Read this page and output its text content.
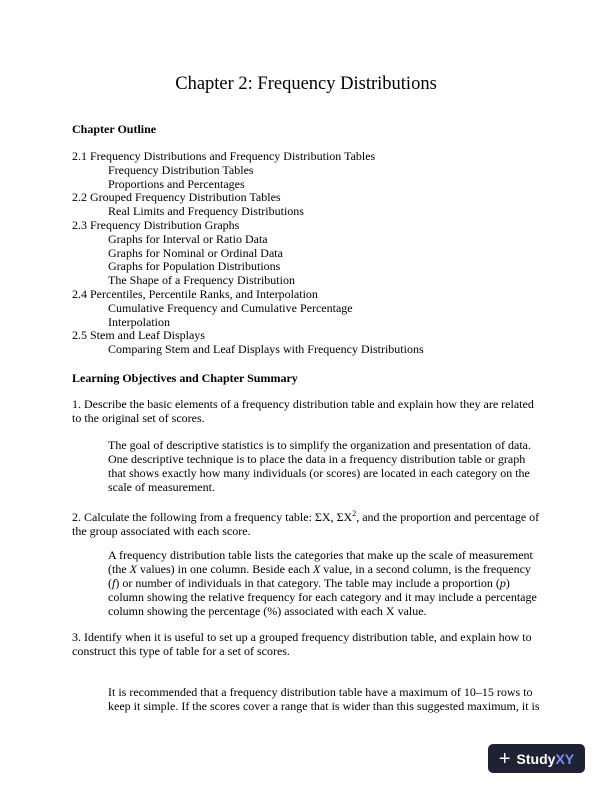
Chapter 2: Frequency Distributions
Chapter Outline
2.1 Frequency Distributions and Frequency Distribution Tables
Frequency Distribution Tables
Proportions and Percentages
2.2 Grouped Frequency Distribution Tables
Real Limits and Frequency Distributions
2.3 Frequency Distribution Graphs
Graphs for Interval or Ratio Data
Graphs for Nominal or Ordinal Data
Graphs for Population Distributions
The Shape of a Frequency Distribution
2.4 Percentiles, Percentile Ranks, and Interpolation
Cumulative Frequency and Cumulative Percentage
Interpolation
2.5 Stem and Leaf Displays
Comparing Stem and Leaf Displays with Frequency Distributions
Learning Objectives and Chapter Summary
1. Describe the basic elements of a frequency distribution table and explain how they are related to the original set of scores.
The goal of descriptive statistics is to simplify the organization and presentation of data. One descriptive technique is to place the data in a frequency distribution table or graph that shows exactly how many individuals (or scores) are located in each category on the scale of measurement.
2. Calculate the following from a frequency table: ΣX, $\Sigma X^2$, and the proportion and percentage of the group associated with each score.
A frequency distribution table lists the categories that make up the scale of measurement (the X values) in one column. Beside each X value, in a second column, is the frequency (f) or number of individuals in that category. The table may include a proportion (p) column showing the relative frequency for each category and it may include a percentage column showing the percentage (%) associated with each X value.
3. Identify when it is useful to set up a grouped frequency distribution table, and explain how to construct this type of table for a set of scores.
It is recommended that a frequency distribution table have a maximum of 10–15 rows to keep it simple. If the scores cover a range that is wider than this suggested maximum, it is
+ Study XY
